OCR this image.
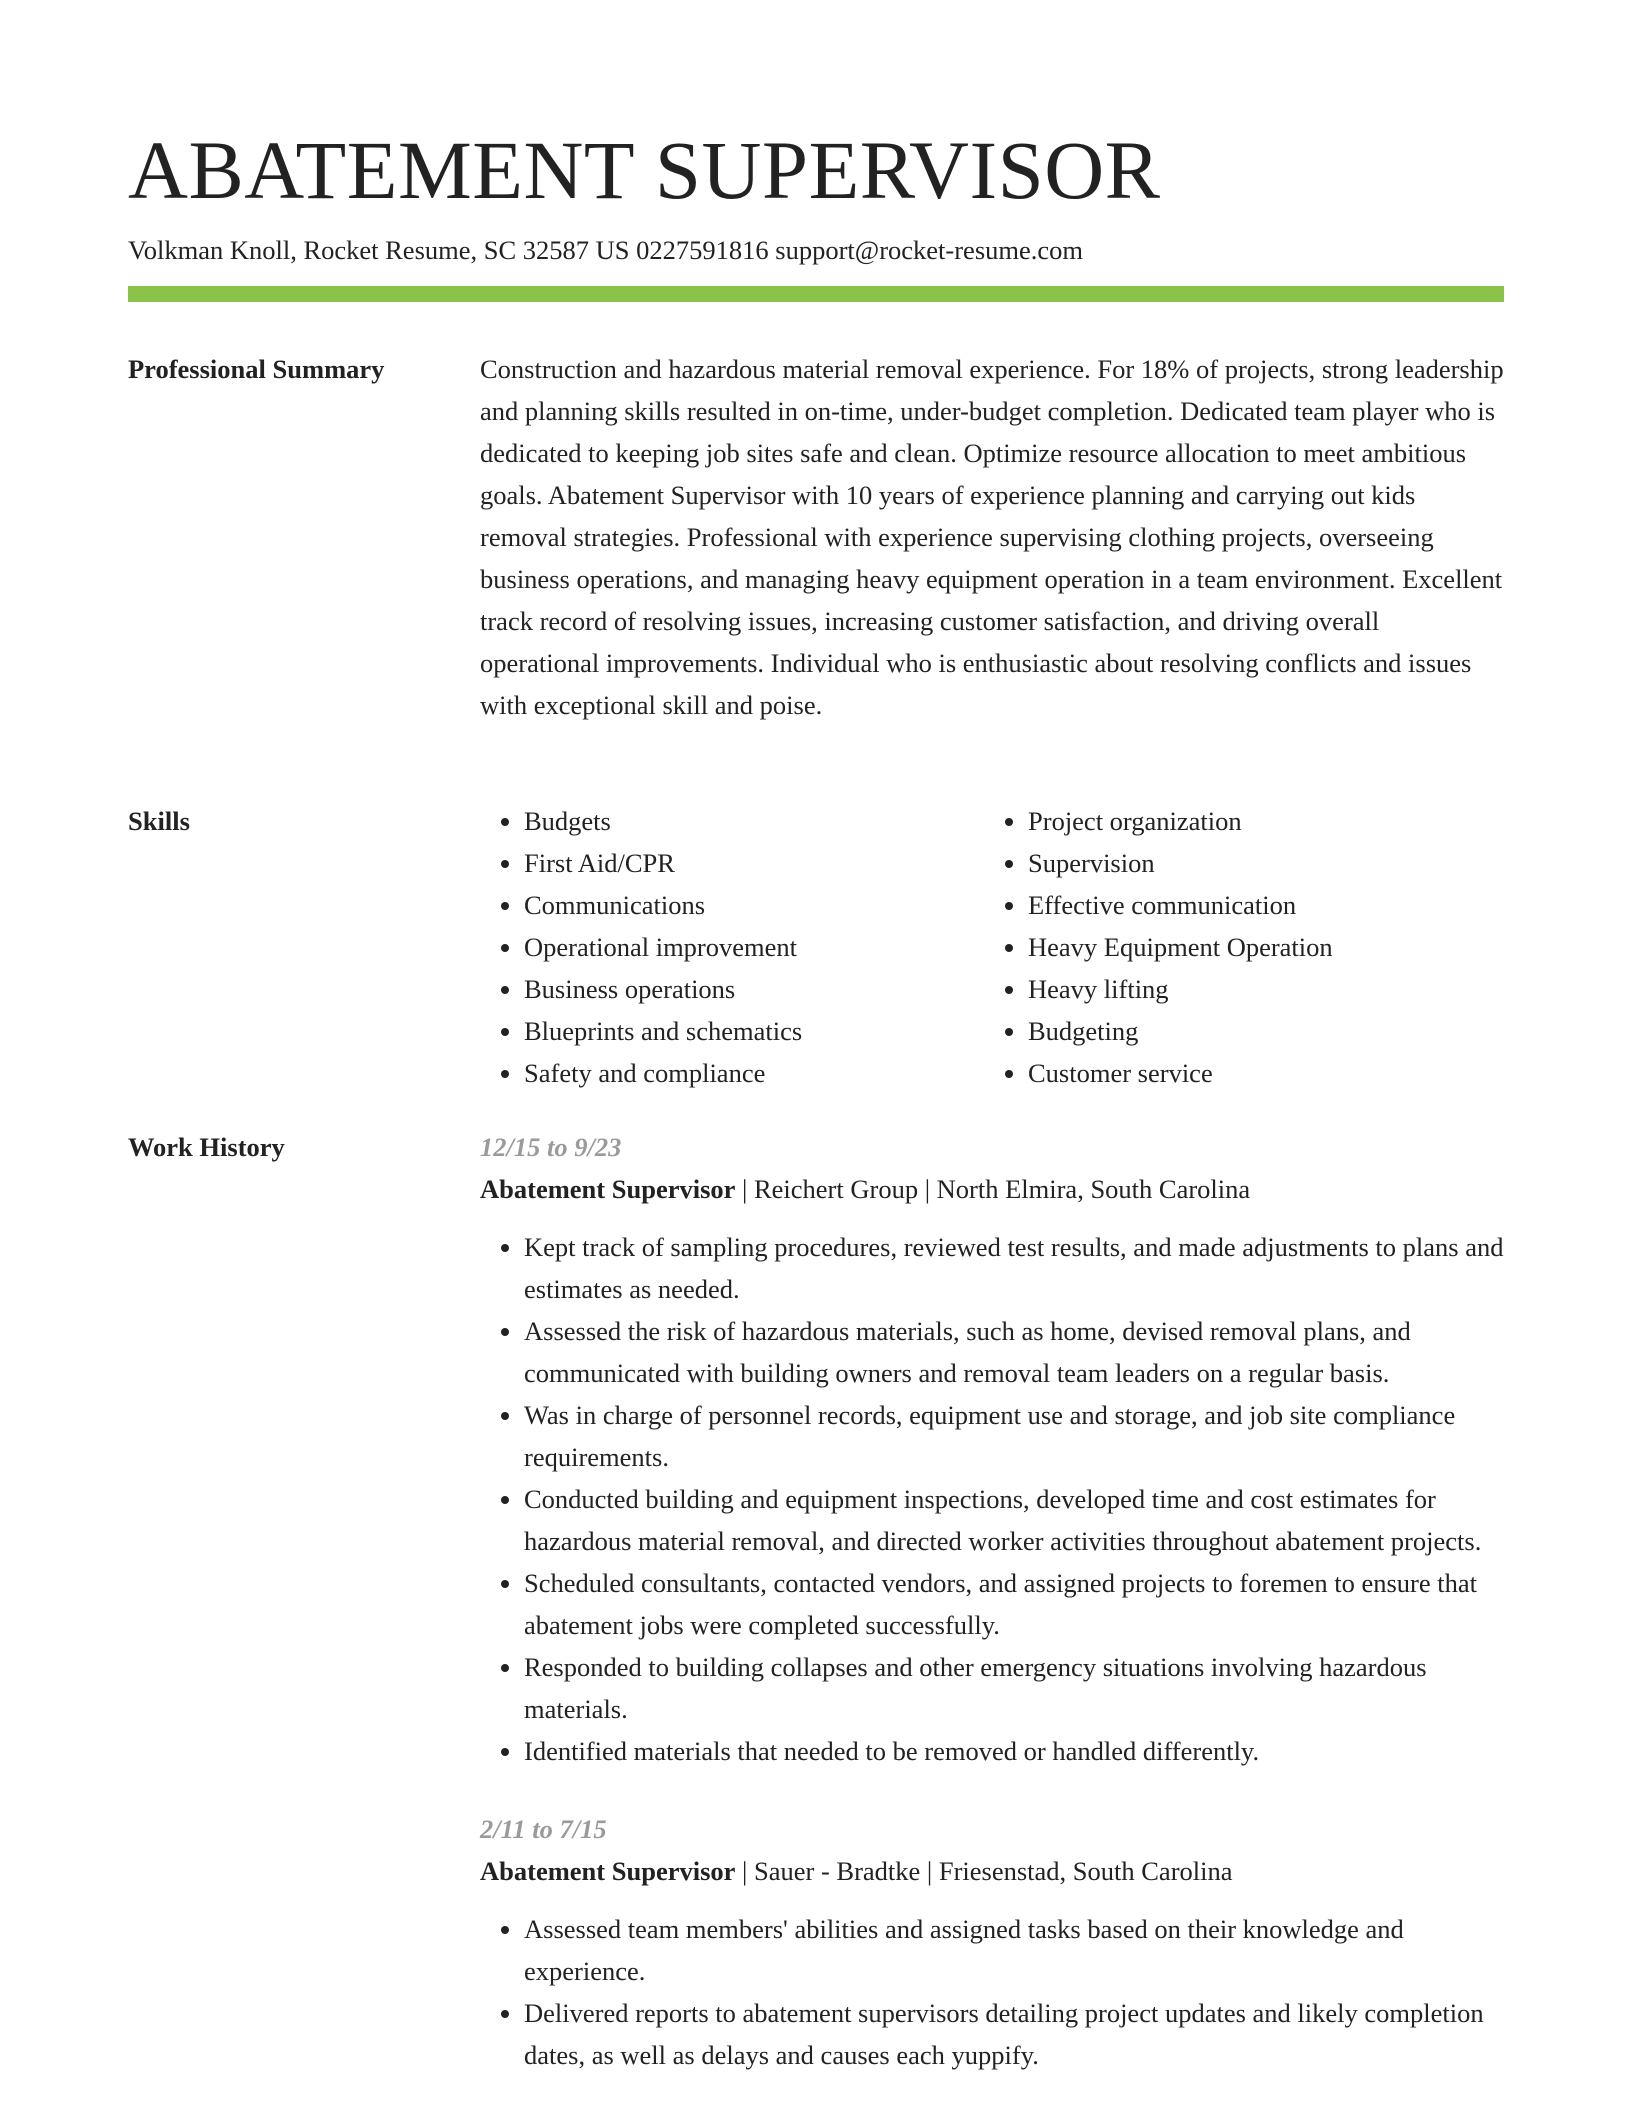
ABATEMENT SUPERVISOR
Volkman Knoll, Rocket Resume, SC 32587 US 0227591816 support@rocket-resume.com
Professional Summary	Construction and hazardous material removal experience. For 18% of projects, strong leadership and planning skills resulted in on-time, under-budget completion. Dedicated team player who is dedicated to keeping job sites safe and clean. Optimize resource allocation to meet ambitious goals. Abatement Supervisor with 10 years of experience planning and carrying out kids removal strategies. Professional with experience supervising clothing projects, overseeing business operations, and managing heavy equipment operation in a team environment. Excellent track record of resolving issues, increasing customer satisfaction, and driving overall operational improvements. Individual who is enthusiastic about resolving conflicts and issues with exceptional skill and poise.

Skills
•	Budgets
• First Aid/CPR
• Communications
• Operational improvement
• Business operations
• Blueprints and schematics
• Safety and compliance
• Project organization
• Supervision
• Effective communication
• Heavy Equipment Operation
• Heavy lifting
• Budgeting
• Customer service
Work History	12/15 to 9/23
Abatement Supervisor | Reichert Group | North Elmira, South Carolina
• Kept track of sampling procedures, reviewed test results, and made adjustments to plans and estimates as needed.
• Assessed the risk of hazardous materials, such as home, devised removal plans, and communicated with building owners and removal team leaders on a regular basis.
• Was in charge of personnel records, equipment use and storage, and job site compliance requirements.
• Conducted building and equipment inspections, developed time and cost estimates for hazardous material removal, and directed worker activities throughout abatement projects.
• Scheduled consultants, contacted vendors, and assigned projects to foremen to ensure that abatement jobs were completed successfully.
• Responded to building collapses and other emergency situations involving hazardous materials.
• Identified materials that needed to be removed or handled differently.
2/11 to 7/15
Abatement Supervisor | Sauer - Bradtke | Friesenstad, South Carolina
• Assessed team members' abilities and assigned tasks based on their knowledge and experience.
• Delivered reports to abatement supervisors detailing project updates and likely completion dates, as well as delays and causes each yuppify.
